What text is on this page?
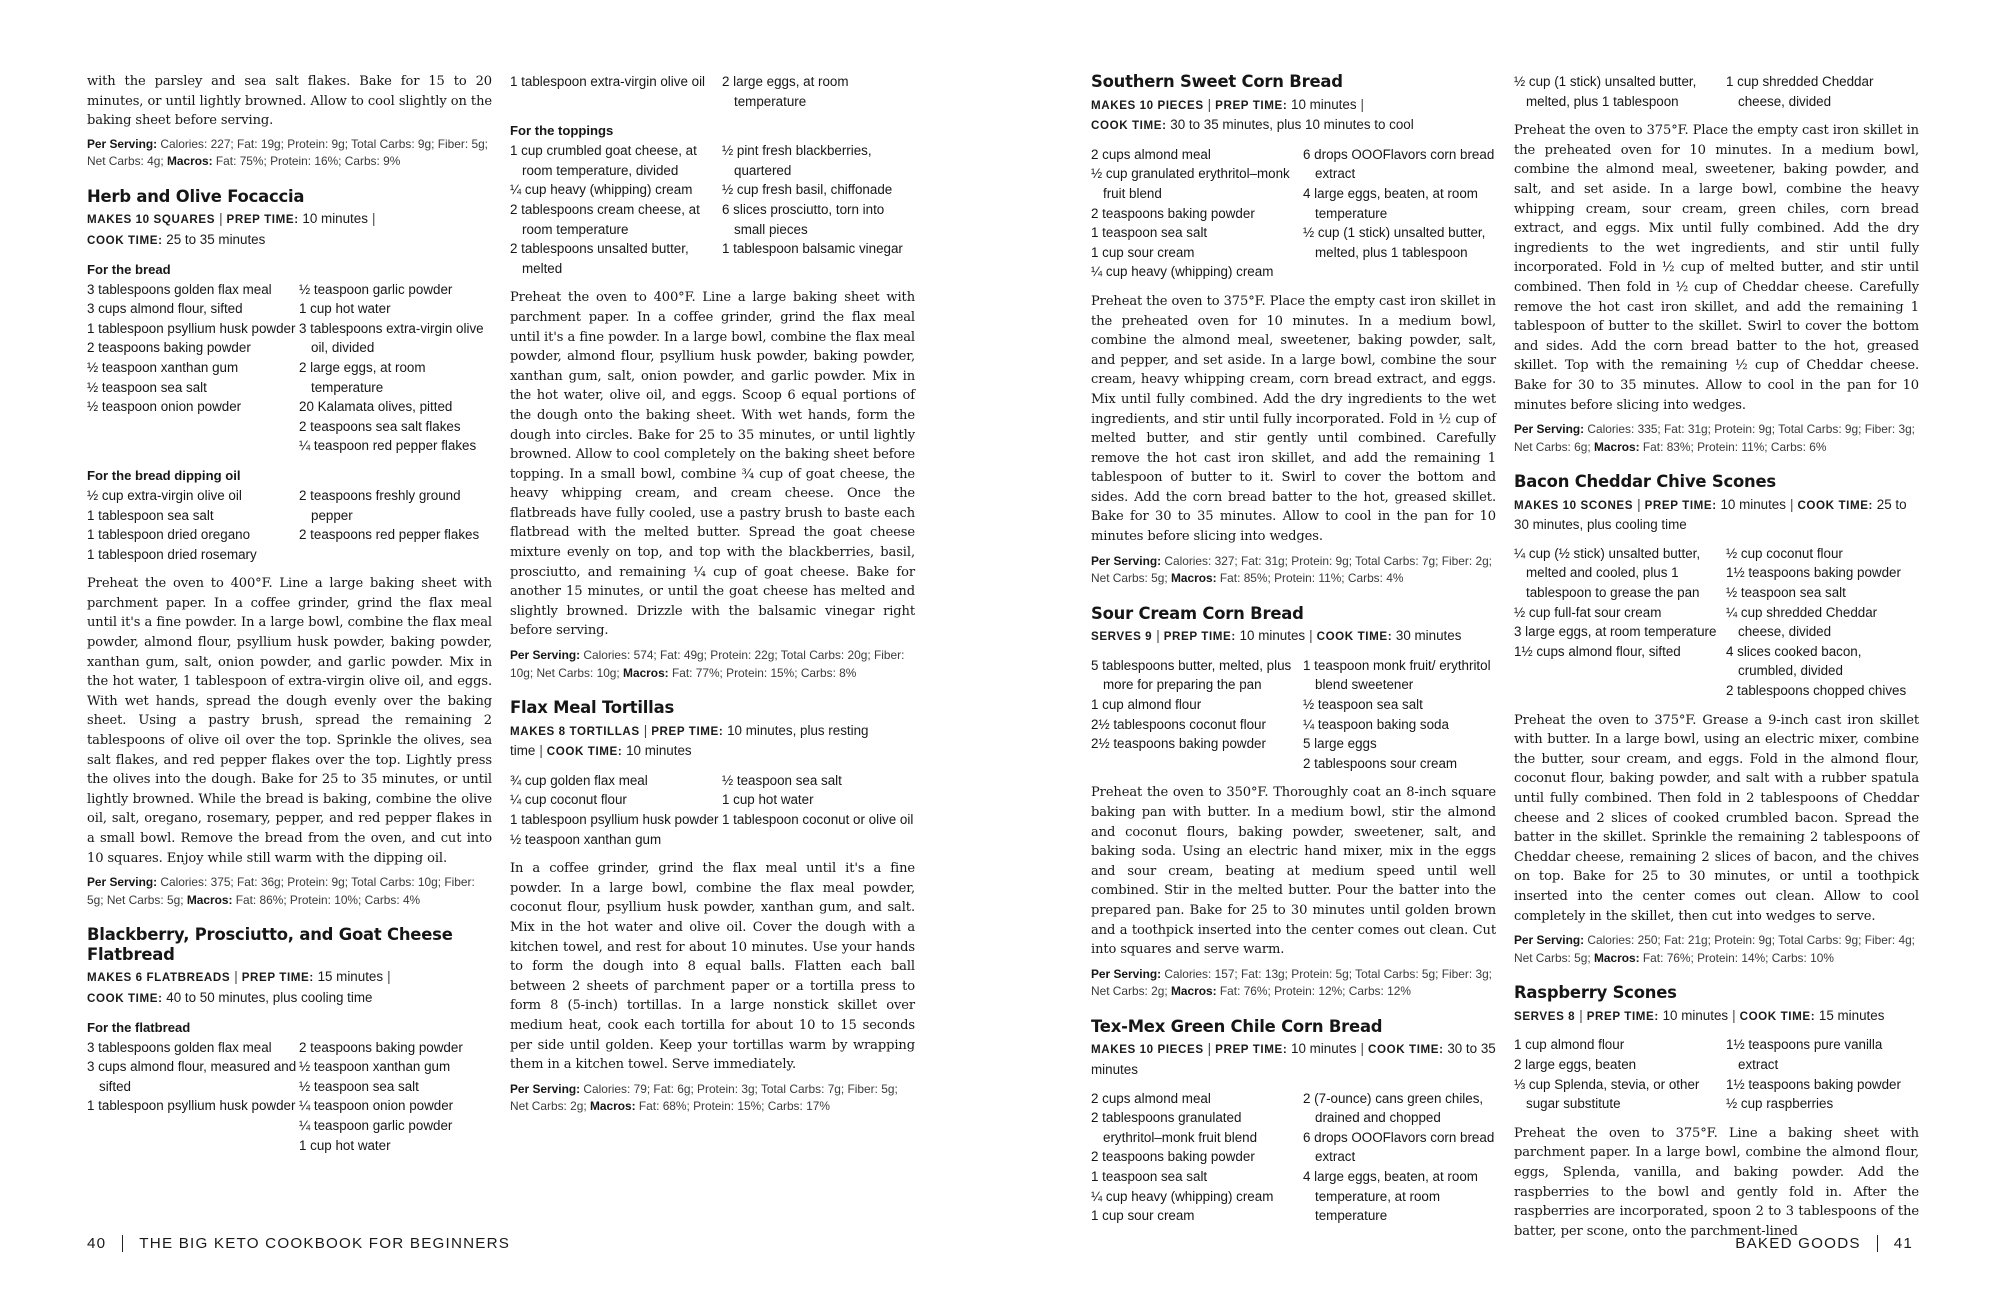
with the parsley and sea salt flakes. Bake for 15 to 20 minutes, or until lightly browned. Allow to cool slightly on the baking sheet before serving.

Per Serving: Calories: 227; Fat: 19g; Protein: 9g; Total Carbs: 9g; Fiber: 5g; Net Carbs: 4g; Macros: Fat: 75%; Protein: 16%; Carbs: 9%

Herb and Olive Focaccia
MAKES 10 SQUARES | PREP TIME: 10 minutes |
COOK TIME: 25 to 35 minutes
For the bread
3 tablespoons golden flax meal
3 cups almond flour, sifted
1 tablespoon psyllium husk powder
2 teaspoons baking powder
½ teaspoon xanthan gum
½ teaspoon sea salt
½ teaspoon onion powder
½ teaspoon garlic powder
1 cup hot water
3 tablespoons extra-virgin olive oil, divided
2 large eggs, at room temperature
20 Kalamata olives, pitted
2 teaspoons sea salt flakes
¼ teaspoon red pepper flakes
For the bread dipping oil
½ cup extra-virgin olive oil
1 tablespoon sea salt
1 tablespoon dried oregano
1 tablespoon dried rosemary
2 teaspoons freshly ground pepper
2 teaspoons red pepper flakes

Preheat the oven to 400°F. Line a large baking sheet with parchment paper. In a coffee grinder, grind the flax meal until it's a fine powder. In a large bowl, combine the flax meal powder, almond flour, psyllium husk powder, baking powder, xanthan gum, salt, onion powder, and garlic powder. Mix in the hot water, 1 tablespoon of extra-virgin olive oil, and eggs. With wet hands, spread the dough evenly over the baking sheet. Using a pastry brush, spread the remaining 2 tablespoons of olive oil over the top. Sprinkle the olives, sea salt flakes, and red pepper flakes over the top. Lightly press the olives into the dough. Bake for 25 to 35 minutes, or until lightly browned. While the bread is baking, combine the olive oil, salt, oregano, rosemary, pepper, and red pepper flakes in a small bowl. Remove the bread from the oven, and cut into 10 squares. Enjoy while still warm with the dipping oil.

Per Serving: Calories: 375; Fat: 36g; Protein: 9g; Total Carbs: 10g; Fiber: 5g; Net Carbs: 5g; Macros: Fat: 86%; Protein: 10%; Carbs: 4%

Blackberry, Prosciutto, and Goat Cheese Flatbread
MAKES 6 FLATBREADS | PREP TIME: 15 minutes |
COOK TIME: 40 to 50 minutes, plus cooling time
For the flatbread
3 tablespoons golden flax meal
3 cups almond flour, measured and sifted
1 tablespoon psyllium husk powder
2 teaspoons baking powder
½ teaspoon xanthan gum
½ teaspoon sea salt
¼ teaspoon onion powder
¼ teaspoon garlic powder
1 cup hot water
1 tablespoon extra-virgin olive oil	2 large eggs, at room temperature
For the toppings
1 cup crumbled goat cheese, at room temperature, divided
¼ cup heavy (whipping) cream
2 tablespoons cream cheese, at room temperature
2 tablespoons unsalted butter, melted
½ pint fresh blackberries, quartered
½ cup fresh basil, chiffonade
6 slices prosciutto, torn into small pieces
1 tablespoon balsamic vinegar

Preheat the oven to 400°F. Line a large baking sheet with parchment paper. In a coffee grinder, grind the flax meal until it's a fine powder. In a large bowl, combine the flax meal powder, almond flour, psyllium husk powder, baking powder, xanthan gum, salt, onion powder, and garlic powder. Mix in the hot water, olive oil, and eggs. Scoop 6 equal portions of the dough onto the baking sheet. With wet hands, form the dough into circles. Bake for 25 to 35 minutes, or until lightly browned. Allow to cool completely on the baking sheet before topping. In a small bowl, combine ¾ cup of goat cheese, the heavy whipping cream, and cream cheese. Once the flatbreads have fully cooled, use a pastry brush to baste each flatbread with the melted butter. Spread the goat cheese mixture evenly on top, and top with the blackberries, basil, prosciutto, and remaining ¼ cup of goat cheese. Bake for another 15 minutes, or until the goat cheese has melted and slightly browned. Drizzle with the balsamic vinegar right before serving.

Per Serving: Calories: 574; Fat: 49g; Protein: 22g; Total Carbs: 20g; Fiber: 10g; Net Carbs: 10g; Macros: Fat: 77%; Protein: 15%; Carbs: 8%

Flax Meal Tortillas
MAKES 8 TORTILLAS | PREP TIME: 10 minutes, plus resting time | COOK TIME: 10 minutes
¾ cup golden flax meal
¼ cup coconut flour
1 tablespoon psyllium husk powder
½ teaspoon xanthan gum
½ teaspoon sea salt
1 cup hot water
1 tablespoon coconut or olive oil

In a coffee grinder, grind the flax meal until it's a fine powder. In a large bowl, combine the flax meal powder, coconut flour, psyllium husk powder, xanthan gum, and salt. Mix in the hot water and olive oil. Cover the dough with a kitchen towel, and rest for about 10 minutes. Use your hands to form the dough into 8 equal balls. Flatten each ball between 2 sheets of parchment paper or a tortilla press to form 8 (5-inch) tortillas. In a large nonstick skillet over medium heat, cook each tortilla for about 10 to 15 seconds per side until golden. Keep your tortillas warm by wrapping them in a kitchen towel. Serve immediately.

Per Serving: Calories: 79; Fat: 6g; Protein: 3g; Total Carbs: 7g; Fiber: 5g; Net Carbs: 2g; Macros: Fat: 68%; Protein: 15%; Carbs: 17%

Southern Sweet Corn Bread
MAKES 10 PIECES | PREP TIME: 10 minutes |
COOK TIME: 30 to 35 minutes, plus 10 minutes to cool
2 cups almond meal
½ cup granulated erythritol–monk fruit blend
2 teaspoons baking powder
1 teaspoon sea salt
1 cup sour cream
¼ cup heavy (whipping) cream
6 drops OOOFlavors corn bread extract
4 large eggs, beaten, at room temperature
½ cup (1 stick) unsalted butter, melted, plus 1 tablespoon

Preheat the oven to 375°F. Place the empty cast iron skillet in the preheated oven for 10 minutes. In a medium bowl, combine the almond meal, sweetener, baking powder, salt, and pepper, and set aside. In a large bowl, combine the sour cream, heavy whipping cream, corn bread extract, and eggs. Mix until fully combined. Add the dry ingredients to the wet ingredients, and stir until fully incorporated. Fold in ½ cup of melted butter, and stir gently until combined. Carefully remove the hot cast iron skillet, and add the remaining 1 tablespoon of butter to it. Swirl to cover the bottom and sides. Add the corn bread batter to the hot, greased skillet. Bake for 30 to 35 minutes. Allow to cool in the pan for 10 minutes before slicing into wedges.

Per Serving: Calories: 327; Fat: 31g; Protein: 9g; Total Carbs: 7g; Fiber: 2g; Net Carbs: 5g; Macros: Fat: 85%; Protein: 11%; Carbs: 4%

Sour Cream Corn Bread
SERVES 9 | PREP TIME: 10 minutes | COOK TIME: 30 minutes
5 tablespoons butter, melted, plus more for preparing the pan
1 cup almond flour
2½ tablespoons coconut flour
2½ teaspoons baking powder
1 teaspoon monk fruit/ erythritol blend sweetener
½ teaspoon sea salt
¼ teaspoon baking soda
5 large eggs
2 tablespoons sour cream

Preheat the oven to 350°F. Thoroughly coat an 8-inch square baking pan with butter. In a medium bowl, stir the almond and coconut flours, baking powder, sweetener, salt, and baking soda. Using an electric hand mixer, mix in the eggs and sour cream, beating at medium speed until well combined. Stir in the melted butter. Pour the batter into the prepared pan. Bake for 25 to 30 minutes until golden brown and a toothpick inserted into the center comes out clean. Cut into squares and serve warm.

Per Serving: Calories: 157; Fat: 13g; Protein: 5g; Total Carbs: 5g; Fiber: 3g; Net Carbs: 2g; Macros: Fat: 76%; Protein: 12%; Carbs: 12%

Tex-Mex Green Chile Corn Bread
MAKES 10 PIECES | PREP TIME: 10 minutes | COOK TIME: 30 to 35 minutes
2 cups almond meal
2 tablespoons granulated erythritol–monk fruit blend
2 teaspoons baking powder
1 teaspoon sea salt
¼ cup heavy (whipping) cream
1 cup sour cream
2 (7-ounce) cans green chiles, drained and chopped
6 drops OOOFlavors corn bread extract
4 large eggs, beaten, at room temperature, at room temperature
½ cup (1 stick) unsalted butter, melted, plus 1 tablespoon
1 cup shredded Cheddar cheese, divided

Preheat the oven to 375°F. Place the empty cast iron skillet in the preheated oven for 10 minutes. In a medium bowl, combine the almond meal, sweetener, baking powder, and salt, and set aside. In a large bowl, combine the heavy whipping cream, sour cream, green chiles, corn bread extract, and eggs. Mix until fully combined. Add the dry ingredients to the wet ingredients, and stir until fully incorporated. Fold in ½ cup of melted butter, and stir until combined. Then fold in ½ cup of Cheddar cheese. Carefully remove the hot cast iron skillet, and add the remaining 1 tablespoon of butter to the skillet. Swirl to cover the bottom and sides. Add the corn bread batter to the hot, greased skillet. Top with the remaining ½ cup of Cheddar cheese. Bake for 30 to 35 minutes. Allow to cool in the pan for 10 minutes before slicing into wedges.

Per Serving: Calories: 335; Fat: 31g; Protein: 9g; Total Carbs: 9g; Fiber: 3g; Net Carbs: 6g; Macros: Fat: 83%; Protein: 11%; Carbs: 6%

Bacon Cheddar Chive Scones
MAKES 10 SCONES | PREP TIME: 10 minutes | COOK TIME: 25 to 30 minutes, plus cooling time
¼ cup (½ stick) unsalted butter, melted and cooled, plus 1 tablespoon to grease the pan
½ cup full-fat sour cream
3 large eggs, at room temperature
1½ cups almond flour, sifted
½ cup coconut flour
1½ teaspoons baking powder
½ teaspoon sea salt
¼ cup shredded Cheddar cheese, divided
4 slices cooked bacon, crumbled, divided
2 tablespoons chopped chives

Preheat the oven to 375°F. Grease a 9-inch cast iron skillet with butter. In a large bowl, using an electric mixer, combine the butter, sour cream, and eggs. Fold in the almond flour, coconut flour, baking powder, and salt with a rubber spatula until fully combined. Then fold in 2 tablespoons of Cheddar cheese and 2 slices of cooked crumbled bacon. Spread the batter in the skillet. Sprinkle the remaining 2 tablespoons of Cheddar cheese, remaining 2 slices of bacon, and the chives on top. Bake for 25 to 30 minutes, or until a toothpick inserted into the center comes out clean. Allow to cool completely in the skillet, then cut into wedges to serve.

Per Serving: Calories: 250; Fat: 21g; Protein: 9g; Total Carbs: 9g; Fiber: 4g; Net Carbs: 5g; Macros: Fat: 76%; Protein: 14%; Carbs: 10%

Raspberry Scones
SERVES 8 | PREP TIME: 10 minutes | COOK TIME: 15 minutes
1 cup almond flour
2 large eggs, beaten
⅓ cup Splenda, stevia, or other sugar substitute
1½ teaspoons pure vanilla extract
1½ teaspoons baking powder
½ cup raspberries

Preheat the oven to 375°F. Line a baking sheet with parchment paper. In a large bowl, combine the almond flour, eggs, Splenda, vanilla, and baking powder. Add the raspberries to the bowl and gently fold in. After the raspberries are incorporated, spoon 2 to 3 tablespoons of the batter, per scone, onto the parchment-lined

40 THE BIG KETO COOKBOOK FOR BEGINNERS	BAKED GOODS 41
